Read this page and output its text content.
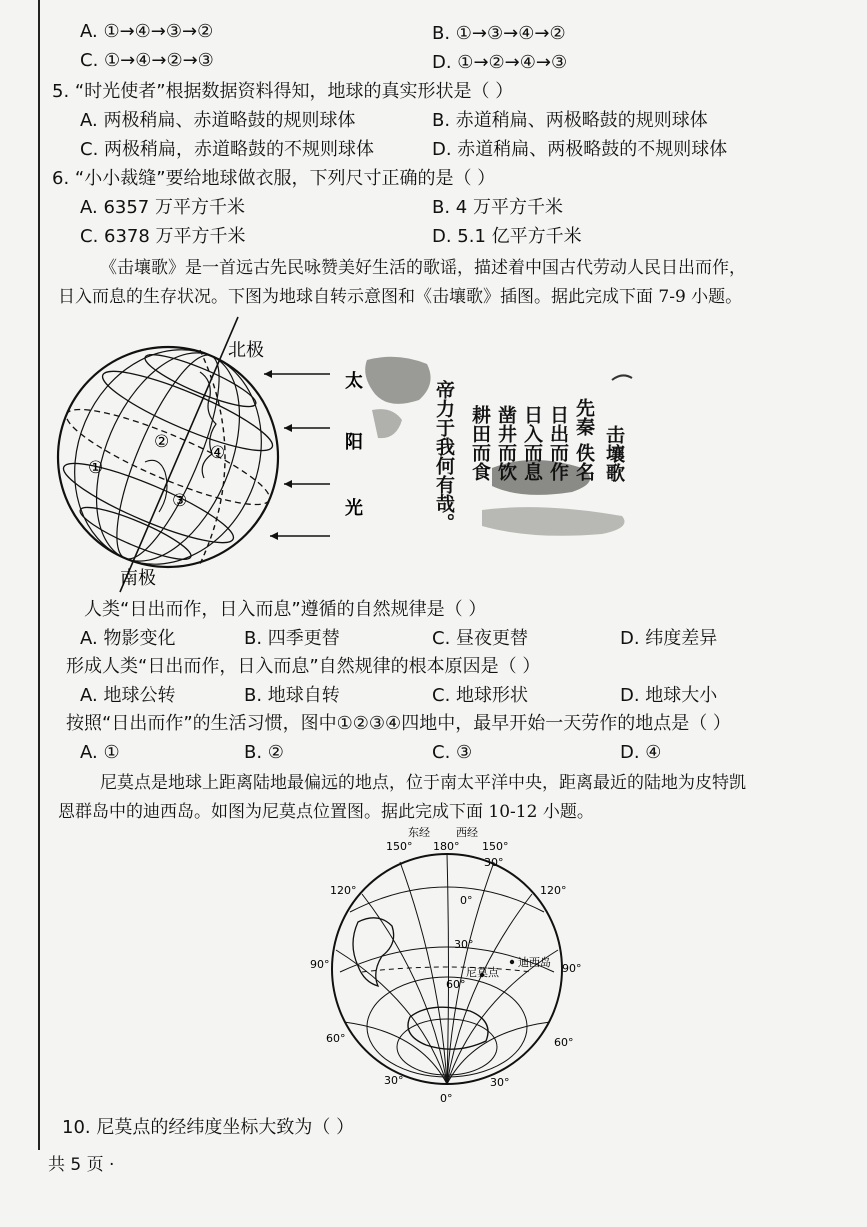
A. ①→④→③→②	B. ①→③→④→②
C. ①→④→②→③	D. ①→②→④→③
5. “时光使者”根据数据资料得知，地球的真实形状是（ ）
A. 两极稍扁、赤道略鼓的规则球体	B. 赤道稍扁、两极略鼓的规则球体
C. 两极稍扁，赤道略鼓的不规则球体	D. 赤道稍扁、两极略鼓的不规则球体
6. “小小裁缝”要给地球做衣服，下列尺寸正确的是（ ）
A. 6357 万平方千米	B. 4 万平方千米
C. 6378 万平方千米	D. 5.1 亿平方千米
《击壤歌》是一首远古先民咏赞美好生活的歌谣，描述着中国古代劳动人民日出而作，
日入而息的生存状况。下图为地球自转示意图和《击壤歌》插图。据此完成下面 7-9 小题。
①
②
③
④
北极
南极
太
阳
光
击壤歌
先秦 佚名
日出而作
日入而息
凿井而饮
耕田而食
帝力于我何有哉。
人类“日出而作，日入而息”遵循的自然规律是（ ）
A. 物影变化	B. 四季更替	C. 昼夜更替	D. 纬度差异
形成人类“日出而作，日入而息”自然规律的根本原因是（ ）
A. 地球公转	B. 地球自转	C. 地球形状	D. 地球大小
按照“日出而作”的生活习惯，图中①②③④四地中，最早开始一天劳作的地点是（ ）
A. ①	B. ②	C. ③	D. ④
尼莫点是地球上距离陆地最偏远的地点，位于南太平洋中央，距离最近的陆地为皮特凯
恩群岛中的迪西岛。如图为尼莫点位置图。据此完成下面 10-12 小题。
东经 西经
150° 180° 150°
120°	120°
90°	90°
60°	60°
30°
0°
30°
30°
0°
30°
60°
尼莫点
迪西岛
10. 尼莫点的经纬度坐标大致为（ ）
共 5 页 ·
